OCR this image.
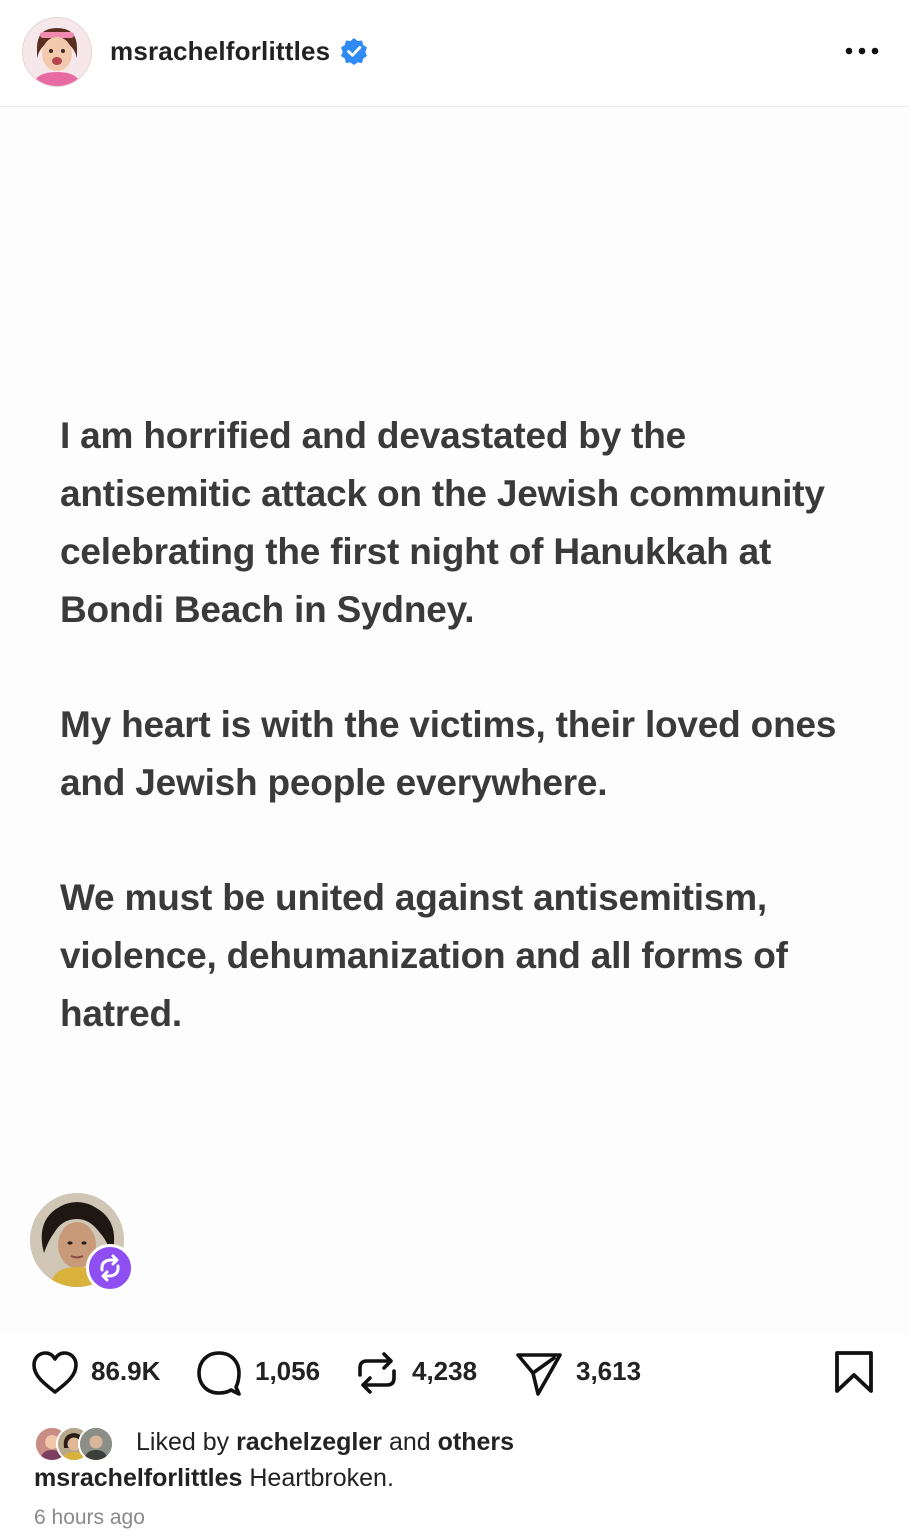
msrachelforlittles

I am horrified and devastated by the antisemitic attack on the Jewish community celebrating the first night of Hanukkah at Bondi Beach in Sydney.

My heart is with the victims, their loved ones and Jewish people everywhere.

We must be united against antisemitism, violence, dehumanization and all forms of hatred.

86.9K	1,056	4,238	3,613
Liked by rachelzegler and others
msrachelforlittles Heartbroken.
6 hours ago
